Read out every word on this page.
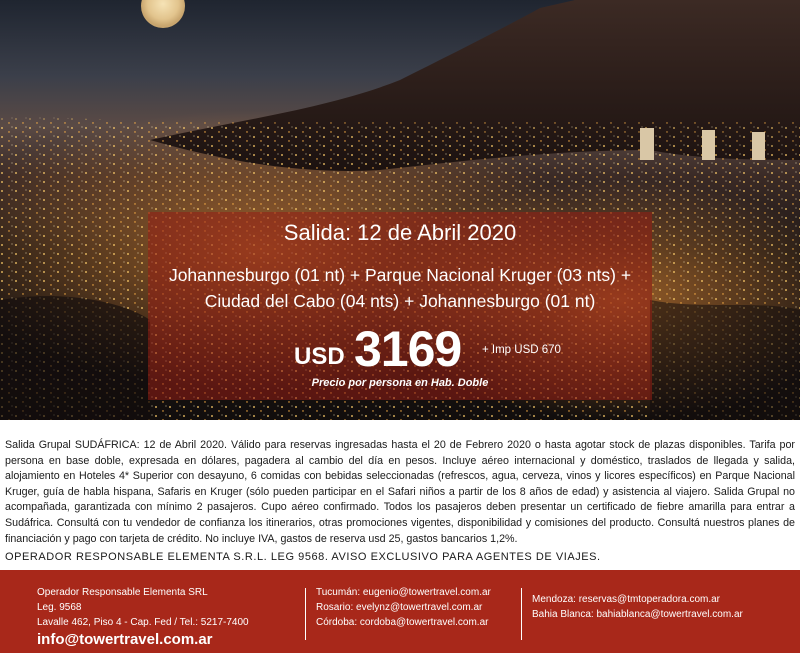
Salida: 12 de Abril 2020
Johannesburgo (01 nt) + Parque Nacional Kruger (03 nts) +
Ciudad del Cabo (04 nts) + Johannesburgo (01 nt)
USD 3169 + Imp USD 670
Precio por persona en Hab. Doble
Salida Grupal SUDÁFRICA: 12 de Abril 2020. Válido para reservas ingresadas hasta el 20 de Febrero 2020 o hasta agotar stock de plazas disponibles. Tarifa por persona en base doble, expresada en dólares, pagadera al cambio del día en pesos. Incluye aéreo internacional y doméstico, traslados de llegada y salida, alojamiento en Hoteles 4* Superior con desayuno, 6 comidas con bebidas seleccionadas (refrescos, agua, cerveza, vinos y licores específicos) en Parque Nacional Kruger, guía de habla hispana, Safaris en Kruger (sólo pueden participar en el Safari niños a partir de los 8 años de edad) y asistencia al viajero. Salida Grupal no acompañada, garantizada con mínimo 2 pasajeros. Cupo aéreo confirmado. Todos los pasajeros deben presentar un certificado de fiebre amarilla para entrar a Sudáfrica. Consultá con tu vendedor de confianza los itinerarios, otras promociones vigentes, disponibilidad y comisiones del producto. Consultá nuestros planes de financiación y pago con tarjeta de crédito. No incluye IVA, gastos de reserva usd 25, gastos bancarios 1,2%.
OPERADOR RESPONSABLE ELEMENTA S.R.L. LEG 9568. AVISO EXCLUSIVO PARA AGENTES DE VIAJES.
Operador Responsable Elementa SRL
Leg. 9568
Lavalle 462, Piso 4 - Cap. Fed / Tel.: 5217-7400
info@towertravel.com.ar
Tucumán: eugenio@towertravel.com.ar
Rosario: evelynz@towertravel.com.ar
Córdoba: cordoba@towertravel.com.ar
Mendoza: reservas@tmtoperadora.com.ar
Bahia Blanca: bahiablanca@towertravel.com.ar
